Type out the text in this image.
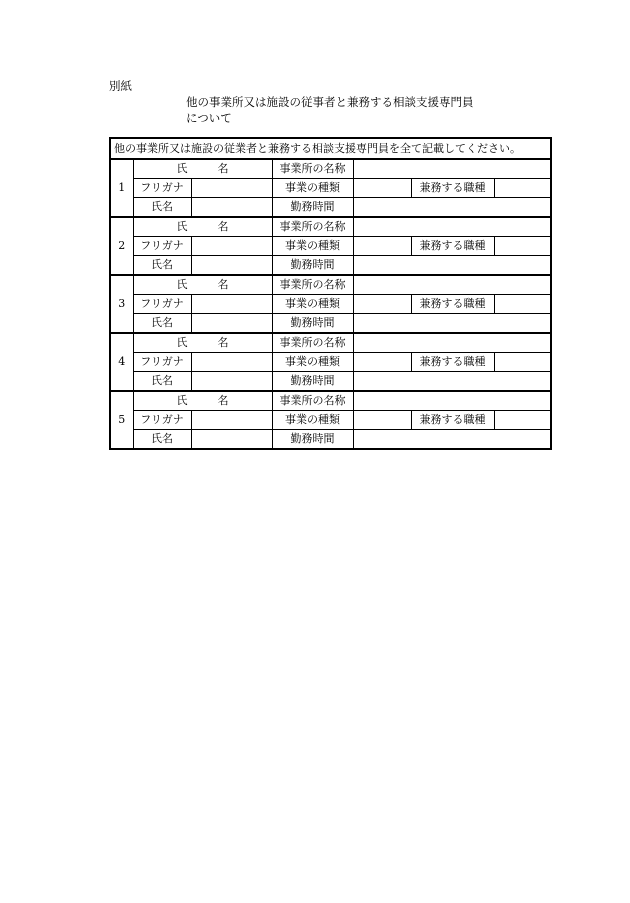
別紙
他の事業所又は施設の従事者と兼務する相談支援専門員
について
他の事業所又は施設の従業者と兼務する相談支援専門員を全て記載してください。						
1	氏 名		事業所の名称			
	フリガナ		事業の種類		兼務する職種	
	氏名		勤務時間			
2	氏 名		事業所の名称			
	フリガナ		事業の種類		兼務する職種	
	氏名		勤務時間			
3	氏 名		事業所の名称			
	フリガナ		事業の種類		兼務する職種	
	氏名		勤務時間			
4	氏 名		事業所の名称			
	フリガナ		事業の種類		兼務する職種	
	氏名		勤務時間			
5	氏 名		事業所の名称			
	フリガナ		事業の種類		兼務する職種	
	氏名		勤務時間			
